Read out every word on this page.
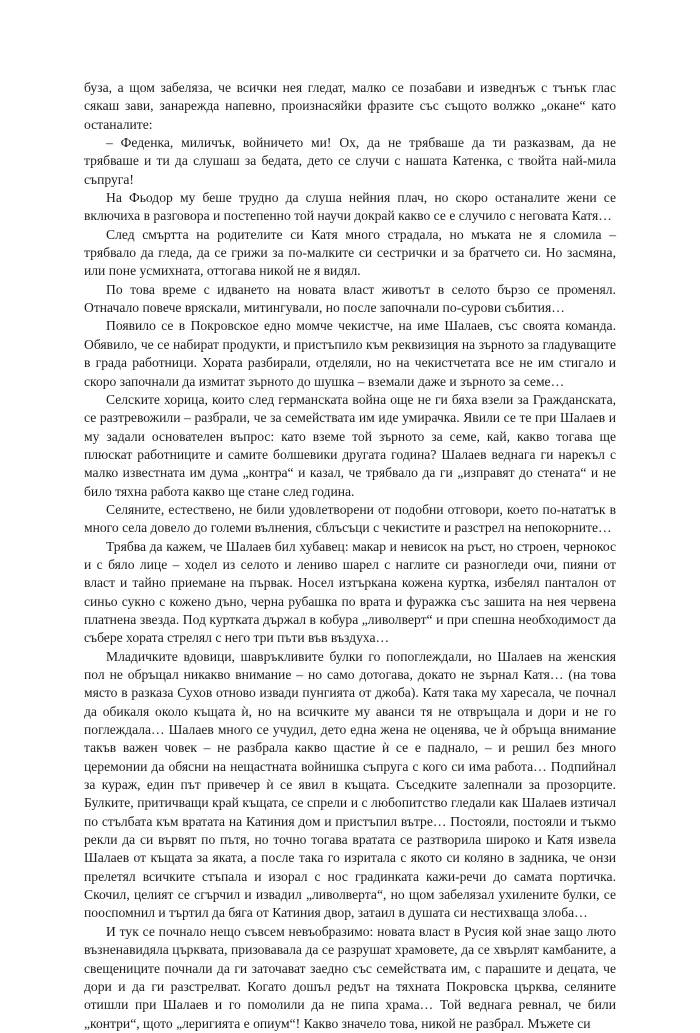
буза, а щом забеляза, че всички нея гледат, малко се позабави и изведнъж с тънък глас сякаш зави, занарежда напевно, произнасяйки фразите със същото волжко „окане“ като останалите:

– Феденка, миличък, войничето ми! Ох, да не трябваше да ти разказвам, да не трябваше и ти да слушаш за бедата, дето се случи с нашата Катенка, с твойта най-мила съпруга!

На Фьодор му беше трудно да слуша нейния плач, но скоро останалите жени се включиха в разговора и постепенно той научи докрай какво се е случило с неговата Катя…

След смъртта на родителите си Катя много страдала, но мъката не я сломила – трябвало да гледа, да се грижи за по-малките си сестрички и за братчето си. Но засмяна, или поне усмихната, оттогава никой не я видял.

По това време с идването на новата власт животът в селото бързо се променял. Отначало повече вряскали, митингували, но после започнали по-сурови събития…

Появило се в Покровское едно момче чекистче, на име Шалаев, със своята команда. Обявило, че се набират продукти, и пристъпило към реквизиция на зърното за гладуващите в града работници. Хората разбирали, отделяли, но на чекистчетата все не им стигало и скоро започнали да измитат зърното до шушка – вземали даже и зърното за семе…

Селските хорица, които след германската война още не ги бяха взели за Гражданската, се разтревожили – разбрали, че за семействата им иде умирачка. Явили се те при Шалаев и му задали основателен въпрос: като вземе той зърното за семе, кай, какво тогава ще плюскат работниците и самите болшевики другата година? Шалаев веднага ги нарекъл с малко известната им дума „контра“ и казал, че трябвало да ги „изправят до стената“ и не било тяхна работа какво ще стане след година.

Селяните, естествено, не били удовлетворени от подобни отговори, което по-нататък в много села довело до големи вълнения, сблъсъци с чекистите и разстрел на непокорните…

Трябва да кажем, че Шалаев бил хубавец: макар и невисок на ръст, но строен, чернокос и с бяло лице – ходел из селото и лениво шарел с наглите си разногледи очи, пияни от власт и тайно приемане на първак. Носел изтъркана кожена куртка, избелял панталон от синьо сукно с кожено дъно, черна рубашка по врата и фуражка със зашита на нея червена платнена звезда. Под куртката държал в кобура „ливолверт“ и при спешна необходимост да събере хората стрелял с него три пъти във въздуха…

Младичките вдовици, шавръкливите булки го попоглеждали, но Шалаев на женския пол не обръщал никакво внимание – но само дотогава, докато не зърнал Катя… (на това място в разказа Сухов отново извади пунгията от джоба). Катя така му харесала, че почнал да обикаля около къщата ѝ, но на всичките му аванси тя не отвръщала и дори и не го поглеждала… Шалаев много се учудил, дето една жена не оценява, че ѝ обръща внимание такъв важен човек – не разбрала какво щастие ѝ се е паднало, – и решил без много церемонии да обясни на нещастната войнишка съпруга с кого си има работа… Подпийнал за кураж, един път привечер ѝ се явил в къщата. Съседките залепнали за прозорците. Булките, притичващи край къщата, се спрели и с любопитство гледали как Шалаев изтичал по стълбата към вратата на Катиния дом и пристъпил вътре… Постояли, постояли и тъкмо рекли да си вървят по пътя, но точно тогава вратата се разтворила широко и Катя извела Шалаев от къщата за яката, а после така го изритала с якото си коляно в задника, че онзи прелетял всичките стъпала и изорал с нос градинката кажи-речи до самата портичка. Скочил, целият се сгърчил и извадил „ливолверта“, но щом забелязал ухилените булки, се пооспомнил и търтил да бяга от Катиния двор, затаил в душата си нестихваща злоба…

И тук се почнало нещо съвсем невъобразимо: новата власт в Русия кой знае защо люто възненавидяла църквата, призовавала да се разрушат храмовете, да се хвърлят камбаните, а свещениците почнали да ги заточават заедно със семействата им, с парашите и децата, че дори и да ги разстрелват. Когато дошъл редът на тяхната Покровска църква, селяните отишли при Шалаев и го помолили да не пипа храма… Той веднага ревнал, че били „контри“, щото „леригията е опиум“! Какво значело това, никой не разбрал. Мъжете си
